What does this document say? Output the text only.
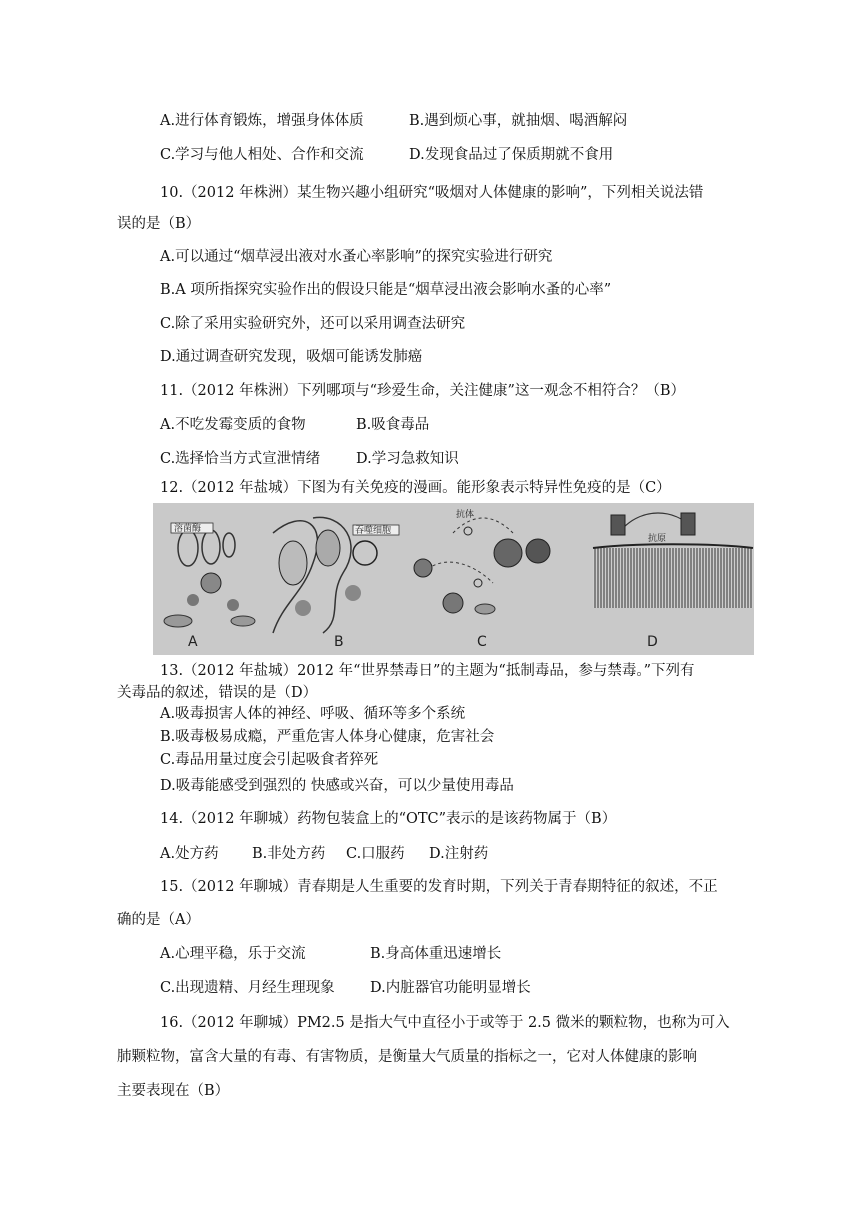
A.进行体育锻炼，增强身体体质	B.遇到烦心事，就抽烟、喝酒解闷
C.学习与他人相处、合作和交流	D.发现食品过了保质期就不食用
10.（2012 年株洲）某生物兴趣小组研究“吸烟对人体健康的影响”，下列相关说法错
误的是（B）
A.可以通过“烟草浸出液对水蚤心率影响”的探究实验进行研究
B.A 项所指探究实验作出的假设只能是“烟草浸出液会影响水蚤的心率”
C.除了采用实验研究外，还可以采用调查法研究
D.通过调查研究发现，吸烟可能诱发肺癌
11.（2012 年株洲）下列哪项与“珍爱生命，关注健康”这一观念不相符合？（B）
A.不吃发霉变质的食物	B.吸食毒品
C.选择恰当方式宣泄情绪 D.学习急救知识
12.（2012 年盐城）下图为有关免疫的漫画。能形象表示特异性免疫的是（C）
溶菌酶
A
吞噬细胞
B
抗体
C
抗原
D
13.（2012 年盐城）2012 年“世界禁毒日”的主题为“抵制毒品，参与禁毒。”下列有
关毒品的叙述，错误的是（D）
A.吸毒损害人体的神经、呼吸、循环等多个系统
B.吸毒极易成瘾，严重危害人体身心健康，危害社会
C.毒品用量过度会引起吸食者猝死
D.吸毒能感受到强烈的 快感或兴奋，可以少量使用毒品
14.（2012 年聊城）药物包装盒上的“OTC”表示的是该药物属于（B）
A.处方药 B.非处方药 C.口服药 D.注射药
15.（2012 年聊城）青春期是人生重要的发育时期，下列关于青春期特征的叙述，不正
确的是（A）
A.心理平稳，乐于交流	B.身高体重迅速增长
C.出现遗精、月经生理现象 D.内脏器官功能明显增长
16.（2012 年聊城）PM2.5 是指大气中直径小于或等于 2.5 微米的颗粒物，也称为可入
肺颗粒物，富含大量的有毒、有害物质，是衡量大气质量的指标之一，它对人体健康的影响
主要表现在（B）
